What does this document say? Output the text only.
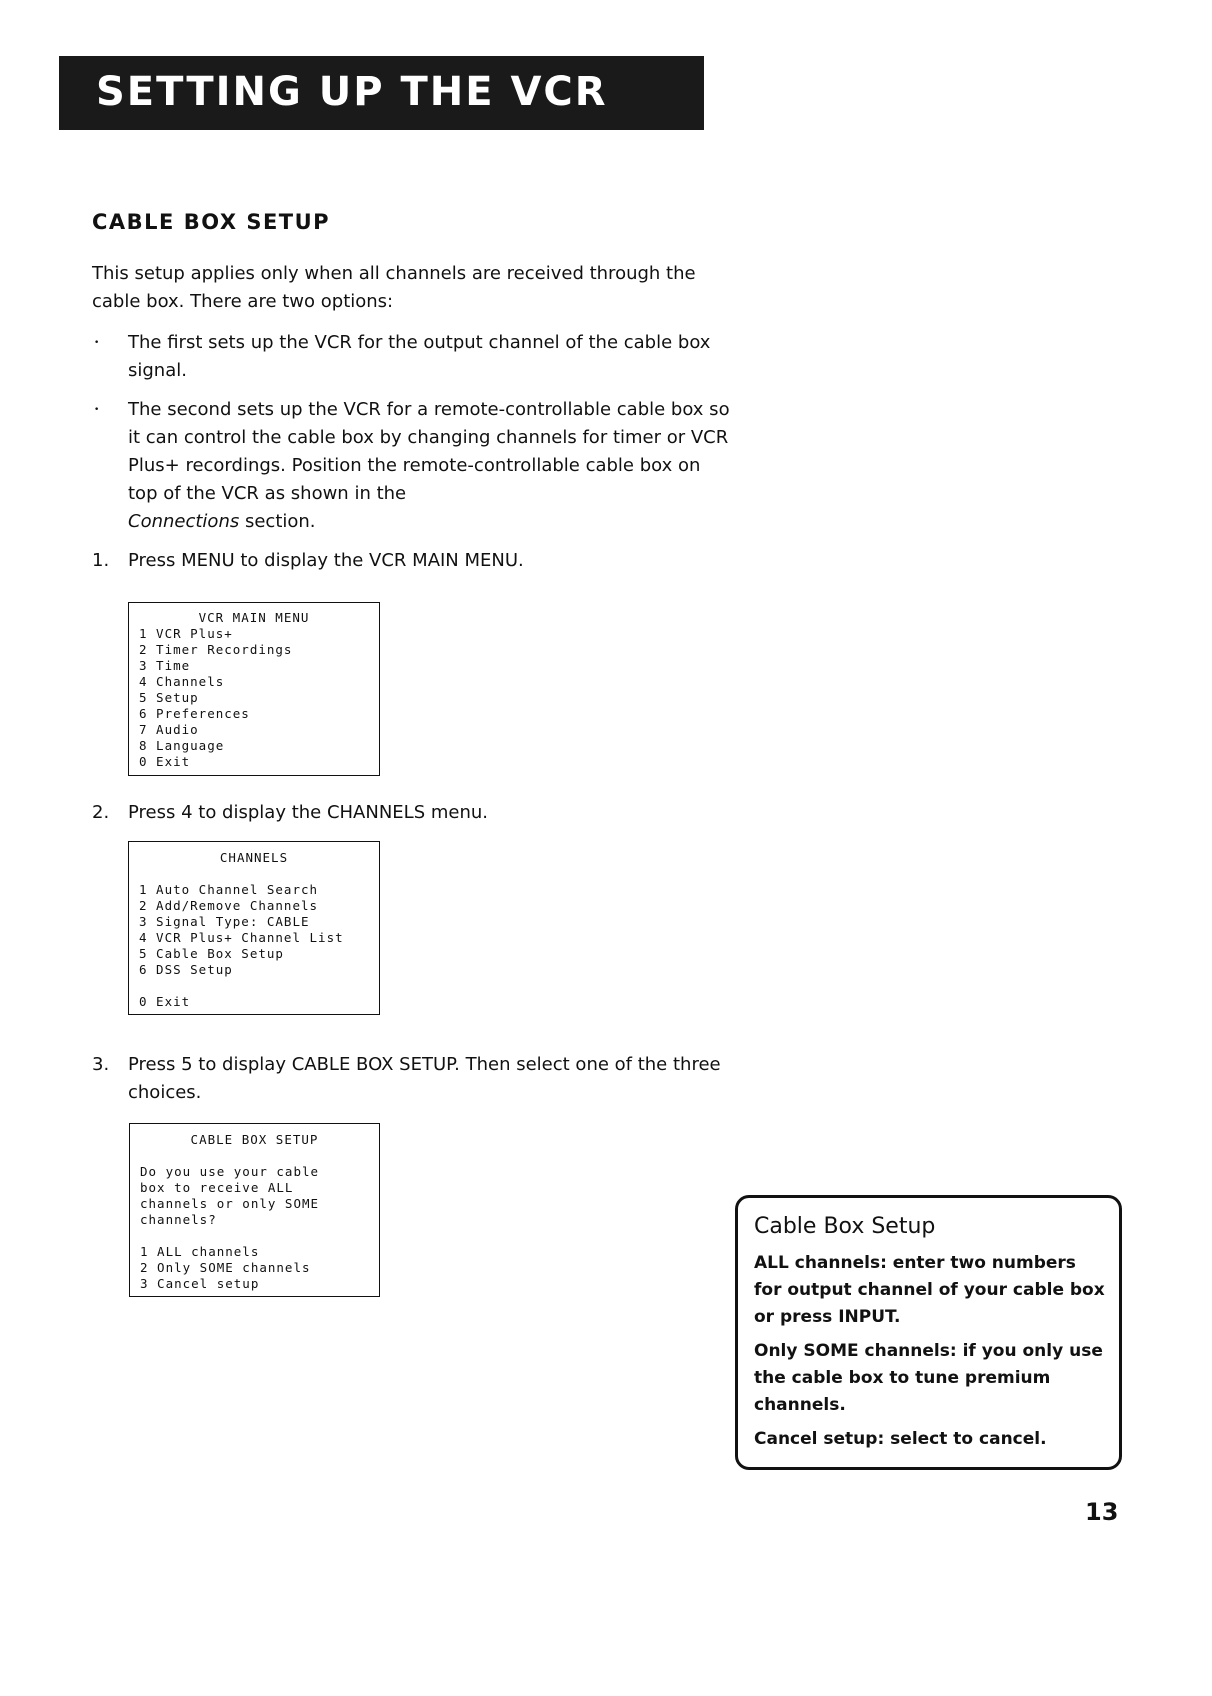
SETTING UP THE VCR
CABLE BOX SETUP
This setup applies only when all channels are received through the cable box. There are two options:
•	The first sets up the VCR for the output channel of the cable box signal.
•	The second sets up the VCR for a remote-controllable cable box so it can control the cable box by changing channels for timer or VCR Plus+ recordings. Position the remote-controllable cable box on top of the VCR as shown in the
Connections section.
1.	Press MENU to display the VCR MAIN MENU.

VCR MAIN MENU

1 VCR Plus+

2 Timer Recordings

3 Time

4 Channels

5 Setup

6 Preferences

7 Audio

8 Language

0 Exit

2.	Press 4 to display the CHANNELS menu.

CHANNELS

1 Auto Channel Search

2 Add/Remove Channels

3 Signal Type: CABLE

4 VCR Plus+ Channel List

5 Cable Box Setup

6 DSS Setup

0 Exit

3.	Press 5 to display CABLE BOX SETUP. Then select one of the three choices.

CABLE BOX SETUP

Do you use your cable

box to receive ALL

channels or only SOME

channels?

1 ALL channels

2 Only SOME channels

3 Cancel setup

Cable Box Setup
ALL channels: enter two numbers for output channel of your cable box or press INPUT.
Only SOME channels: if you only use the cable box to tune premium channels.
Cancel setup: select to cancel.
13
